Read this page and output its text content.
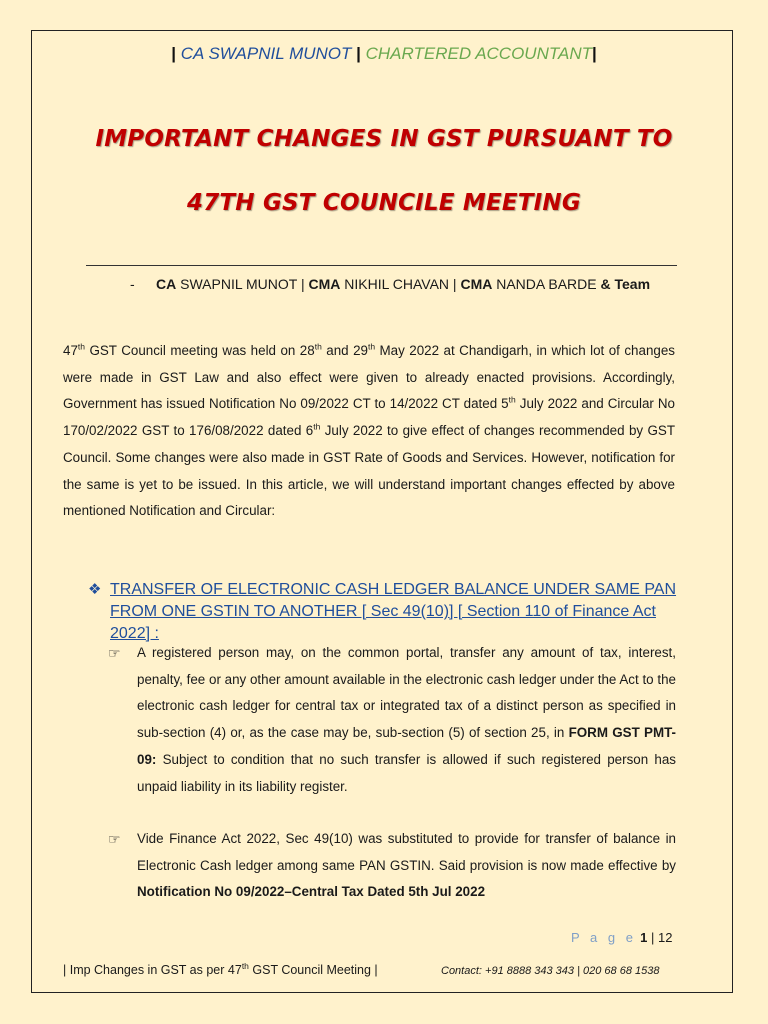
| CA SWAPNIL MUNOT | CHARTERED ACCOUNTANT|
IMPORTANT CHANGES IN GST PURSUANT TO
47TH GST COUNCILE MEETING
- CA SWAPNIL MUNOT | CMA NIKHIL CHAVAN | CMA NANDA BARDE & Team
47th GST Council meeting was held on 28th and 29th May 2022 at Chandigarh, in which lot of changes were made in GST Law and also effect were given to already enacted provisions. Accordingly, Government has issued Notification No 09/2022 CT to 14/2022 CT dated 5th July 2022 and Circular No 170/02/2022 GST to 176/08/2022 dated 6th July 2022 to give effect of changes recommended by GST Council. Some changes were also made in GST Rate of Goods and Services. However, notification for the same is yet to be issued. In this article, we will understand important changes effected by above mentioned Notification and Circular:
❖ TRANSFER OF ELECTRONIC CASH LEDGER BALANCE UNDER SAME PAN FROM ONE GSTIN TO ANOTHER [ Sec 49(10)] [ Section 110 of Finance Act 2022] :
☞ A registered person may, on the common portal, transfer any amount of tax, interest, penalty, fee or any other amount available in the electronic cash ledger under the Act to the electronic cash ledger for central tax or integrated tax of a distinct person as specified in sub-section (4) or, as the case may be, sub-section (5) of section 25, in FORM GST PMT-09: Subject to condition that no such transfer is allowed if such registered person has unpaid liability in its liability register.
☞ Vide Finance Act 2022, Sec 49(10) was substituted to provide for transfer of balance in Electronic Cash ledger among same PAN GSTIN. Said provision is now made effective by Notification No 09/2022–Central Tax Dated 5th Jul 2022
P a g e 1 | 12
| Imp Changes in GST as per 47th GST Council Meeting |	Contact: +91 8888 343 343 | 020 68 68 1538
